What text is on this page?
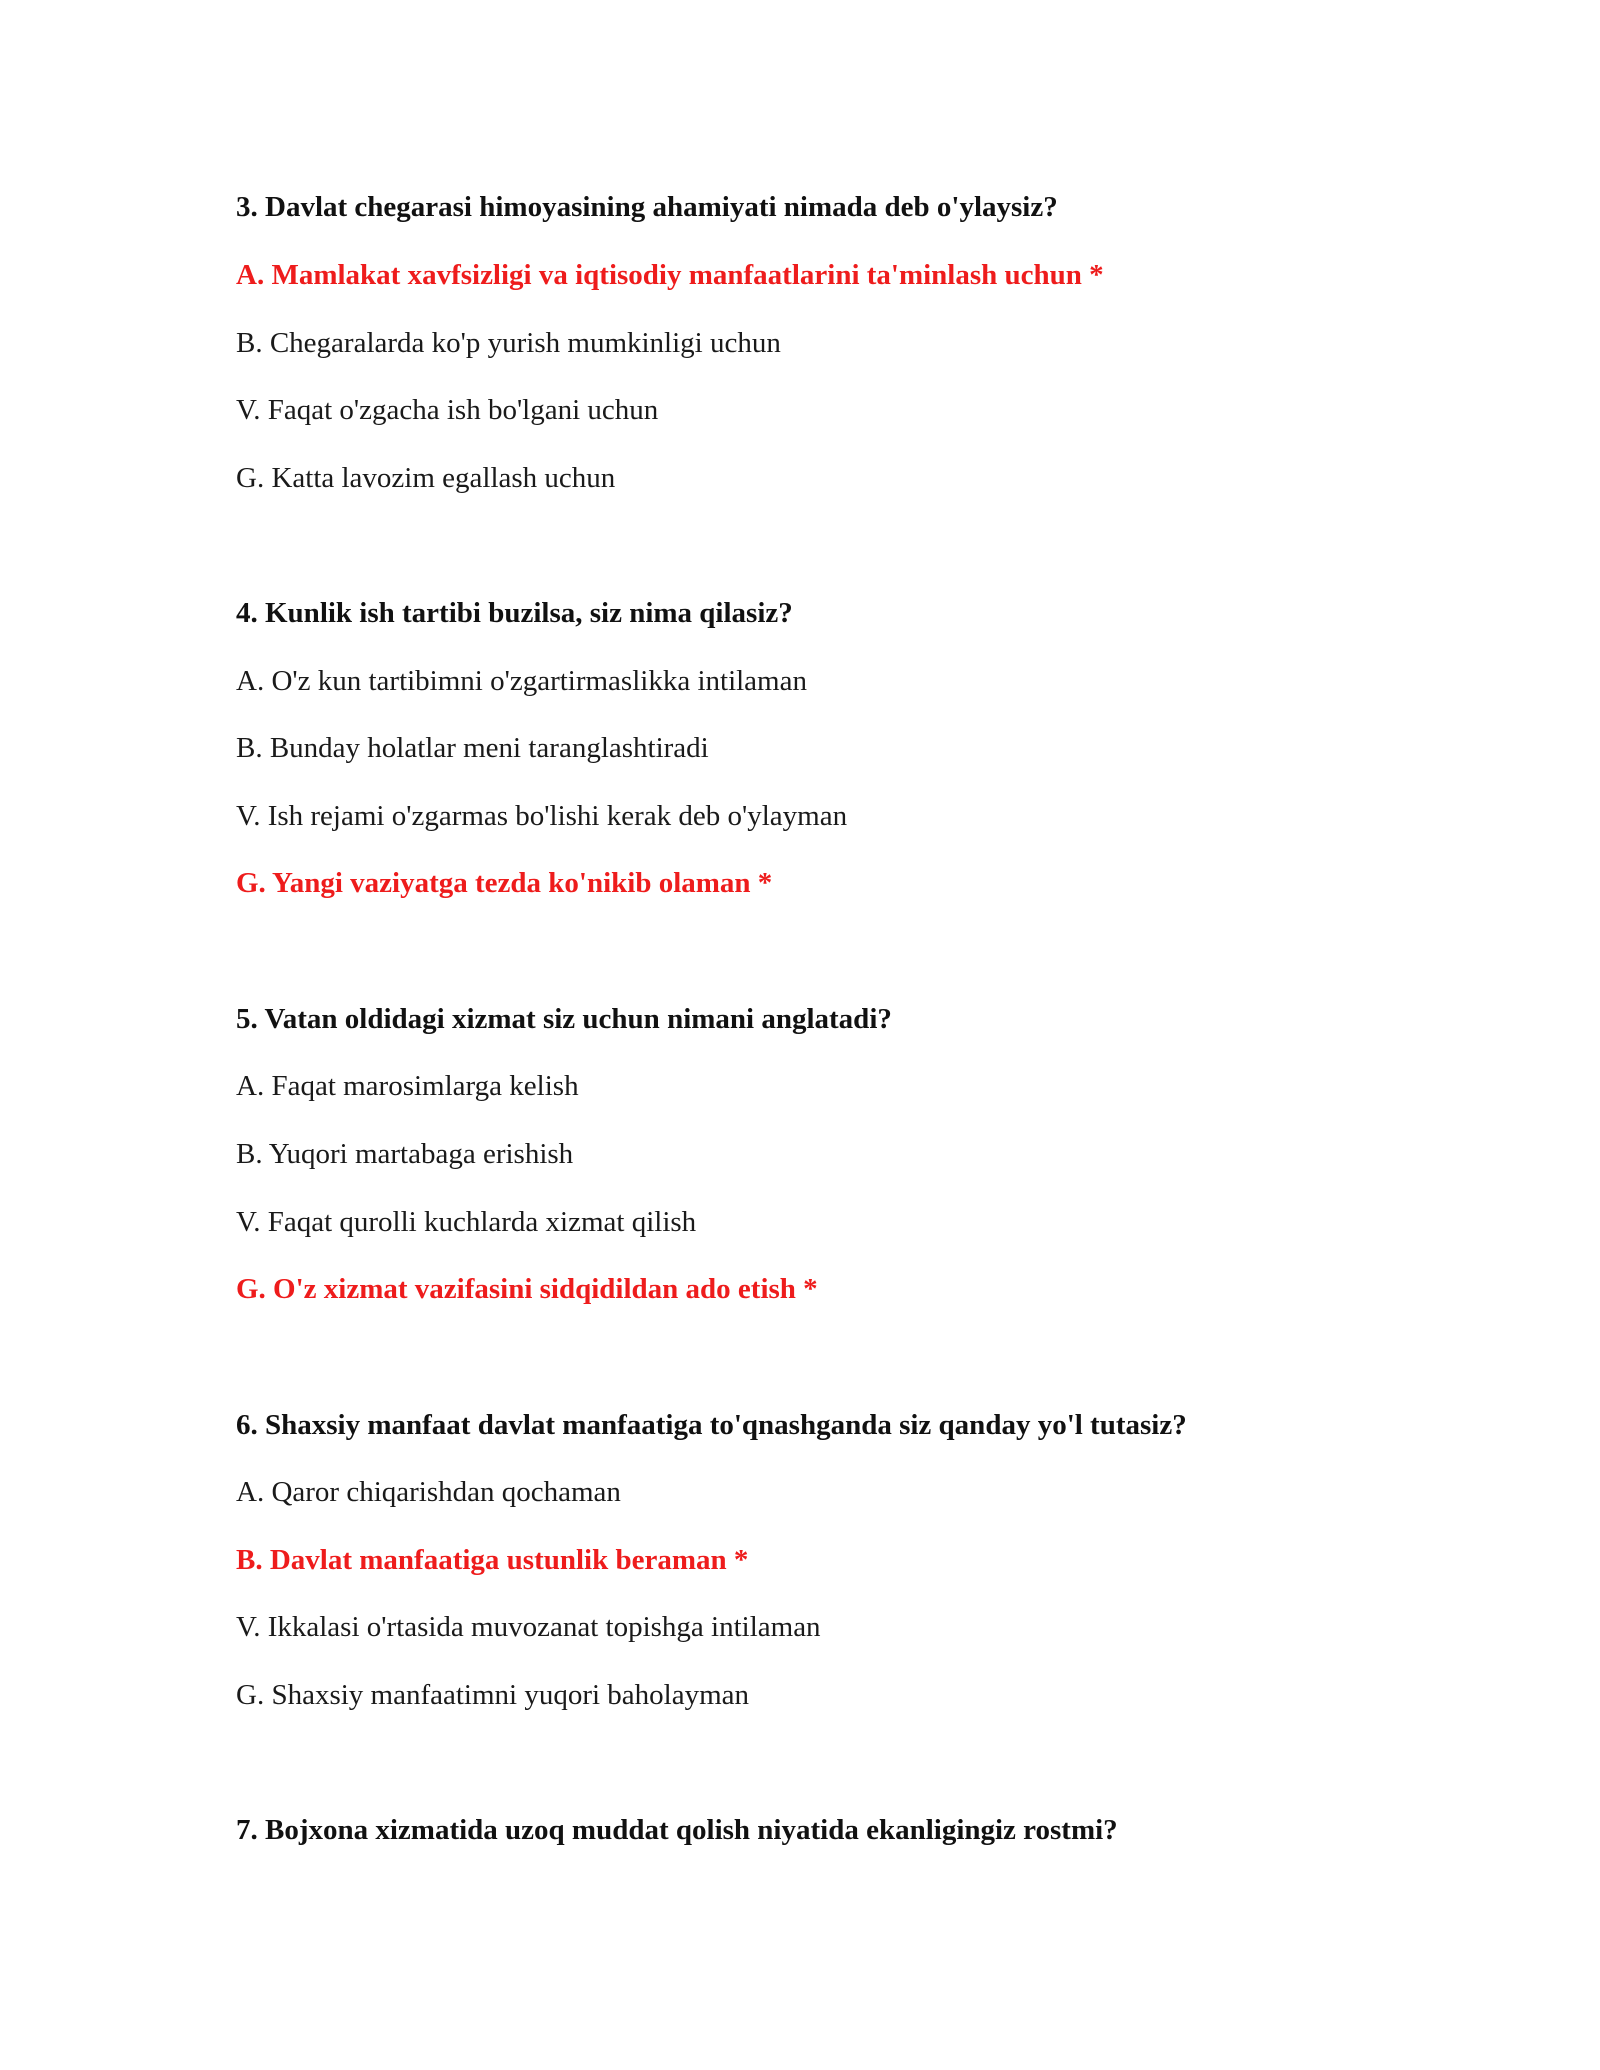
3. Davlat chegarasi himoyasining ahamiyati nimada deb o'ylaysiz?
A. Mamlakat xavfsizligi va iqtisodiy manfaatlarini ta'minlash uchun *
B. Chegaralarda ko'p yurish mumkinligi uchun
V. Faqat o'zgacha ish bo'lgani uchun
G. Katta lavozim egallash uchun
4. Kunlik ish tartibi buzilsa, siz nima qilasiz?
A. O'z kun tartibimni o'zgartirmaslikka intilaman
B. Bunday holatlar meni taranglashtiradi
V. Ish rejami o'zgarmas bo'lishi kerak deb o'ylayman
G. Yangi vaziyatga tezda ko'nikib olaman *
5. Vatan oldidagi xizmat siz uchun nimani anglatadi?
A. Faqat marosimlarga kelish
B. Yuqori martabaga erishish
V. Faqat qurolli kuchlarda xizmat qilish
G. O'z xizmat vazifasini sidqidildan ado etish *
6. Shaxsiy manfaat davlat manfaatiga to'qnashganda siz qanday yo'l tutasiz?
A. Qaror chiqarishdan qochaman
B. Davlat manfaatiga ustunlik beraman *
V. Ikkalasi o'rtasida muvozanat topishga intilaman
G. Shaxsiy manfaatimni yuqori baholayman
7. Bojxona xizmatida uzoq muddat qolish niyatida ekanligingiz rostmi?
